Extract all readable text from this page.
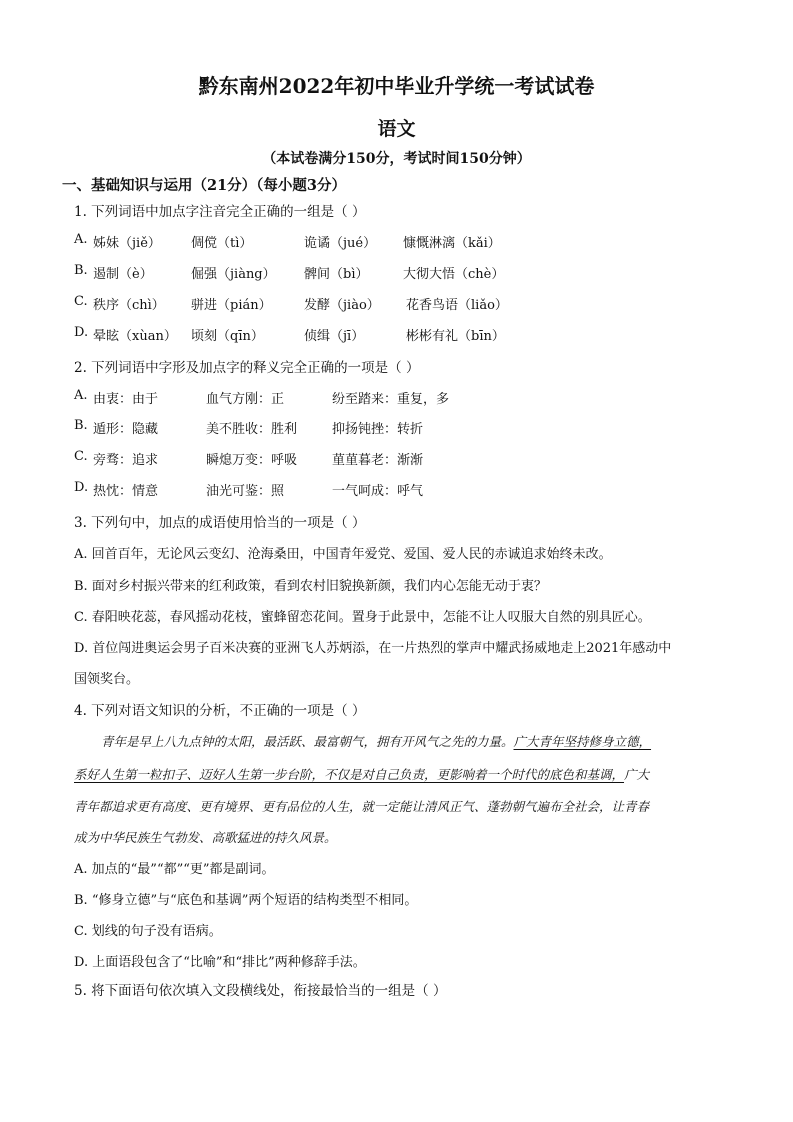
黔东南州2022年初中毕业升学统一考试试卷
语文
（本试卷满分150分，考试时间150分钟）
一、基础知识与运用（21分）（每小题3分）
1. 下列词语中加点字注音完全正确的一组是（ ）
A. 姊妹（jiě） 倜傥（tì）	诡谲（jué） 慷慨淋漓（kǎi）
B. 遏制（è）	倔强（jiàng） 髀间（bì）	大彻大悟（chè）
C. 秩序（chì） 骈进（pián） 发酵（jiào） 花香鸟语（liǎo）
D. 晕眩（xùan） 顷刻（qīn）	侦缉（jī）	彬彬有礼（bīn）
2. 下列词语中字形及加点字的释义完全正确的一项是（ ）
A. 由衷：由于	血气方刚：正	纷至踏来：重复，多
B. 遁形：隐藏	美不胜收：胜利	抑扬钝挫：转折
C. 旁骛：追求	瞬熄万变：呼吸	荲荲暮老：渐渐
D. 热忱：情意	油光可鉴：照	一气呵成：呼气
3. 下列句中，加点的成语使用恰当的一项是（ ）
A. 回首百年，无论风云变幻、沧海桑田，中国青年爱党、爱国、爱人民的赤诚追求始终未改。
B. 面对乡村振兴带来的红利政策，看到农村旧貌换新颜，我们内心怎能无动于衷？
C. 春阳映花蕊，春风摇动花枝，蜜蜂留恋花间。置身于此景中，怎能不让人叹服大自然的别具匠心。
D. 首位闯进奥运会男子百米决赛的亚洲飞人苏炳添，在一片热烈的掌声中耀武扬威地走上2021年感动中
国领奖台。
4. 下列对语文知识的分析，不正确的一项是（ ）
青年是早上八九点钟的太阳，最活跃、最富朝气，拥有开风气之先的力量。广大青年坚持修身立德，
系好人生第一粒扣子、迈好人生第一步台阶，不仅是对自己负责，更影响着一个时代的底色和基调，广大
青年都追求更有高度、更有境界、更有品位的人生，就一定能让清风正气、蓬勃朝气遍布全社会，让青春
成为中华民族生气勃发、高歌猛进的持久风景。
A. 加点的“最”“都”“更”都是副词。
B. “修身立德”与“底色和基调”两个短语的结构类型不相同。
C. 划线的句子没有语病。
D. 上面语段包含了“比喻”和“排比”两种修辞手法。
5. 将下面语句依次填入文段横线处，衔接最恰当的一组是（ ）
